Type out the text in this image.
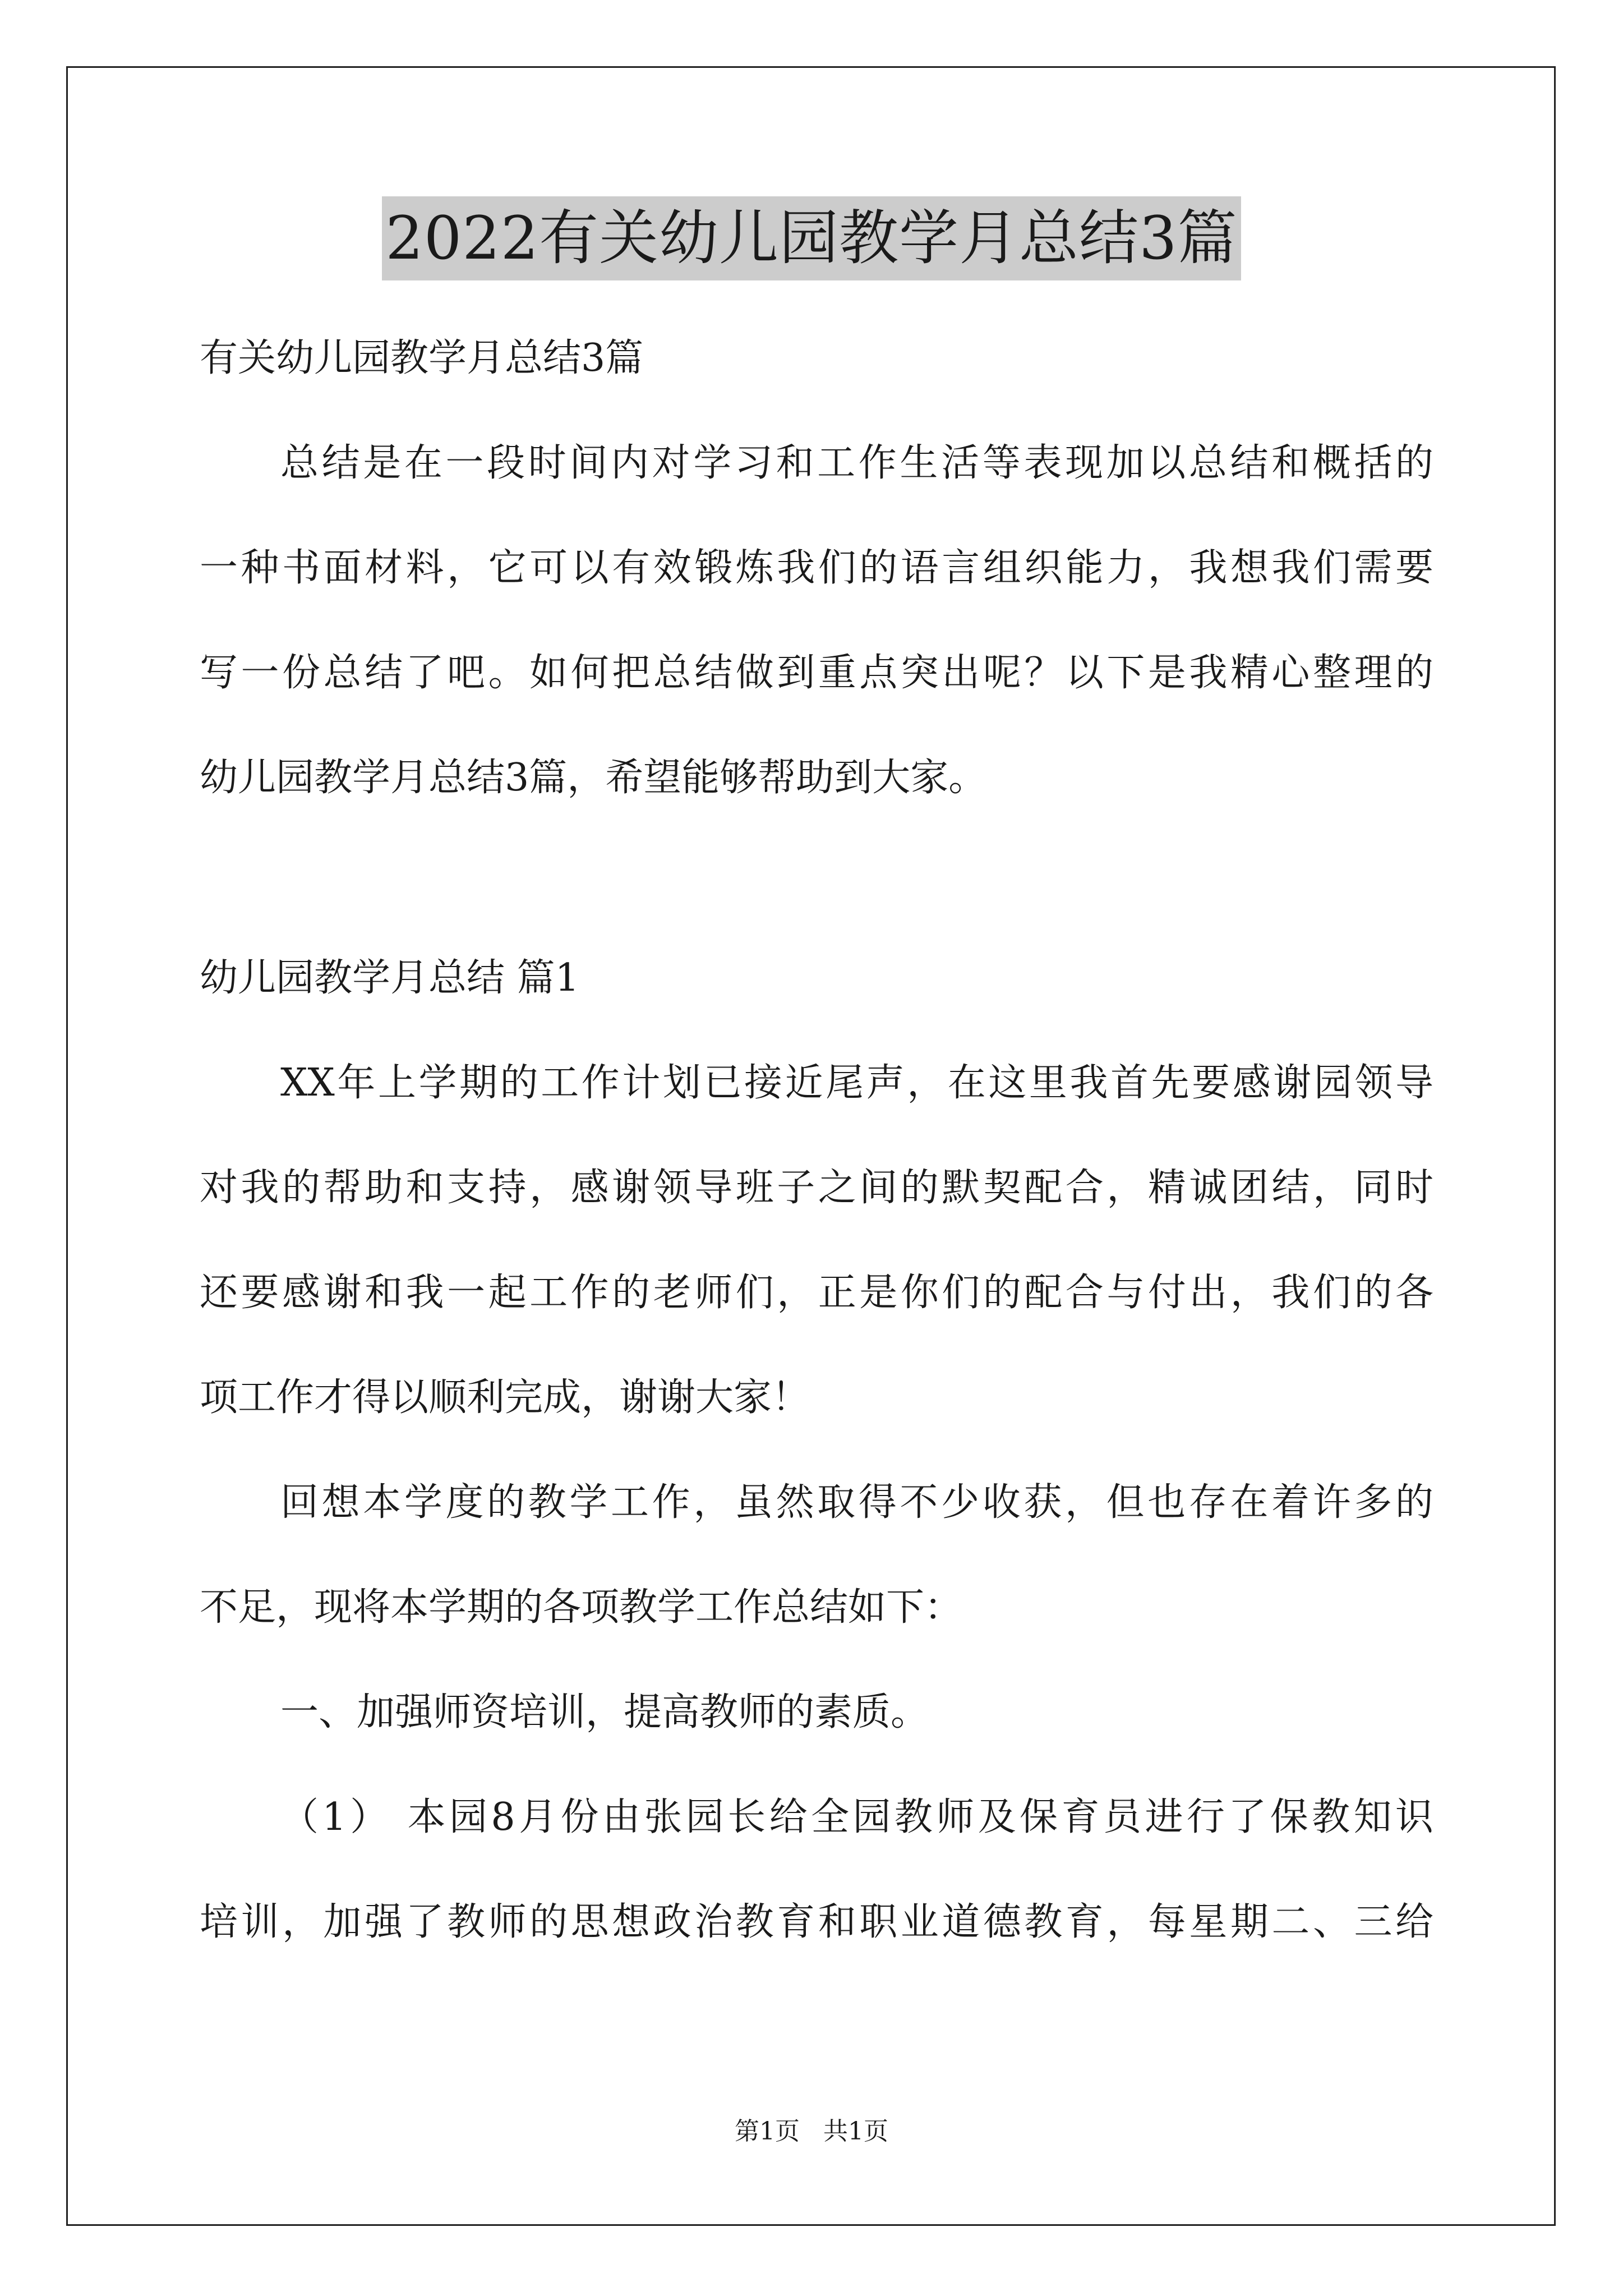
2022有关幼儿园教学月总结3篇
有关幼儿园教学月总结3篇
总结是在一段时间内对学习和工作生活等表现加以总结和概括的
一种书面材料，它可以有效锻炼我们的语言组织能力，我想我们需要
写一份总结了吧。如何把总结做到重点突出呢？以下是我精心整理的
幼儿园教学月总结3篇，希望能够帮助到大家。
幼儿园教学月总结 篇1
XX年上学期的工作计划已接近尾声，在这里我首先要感谢园领导
对我的帮助和支持，感谢领导班子之间的默契配合，精诚团结，同时
还要感谢和我一起工作的老师们，正是你们的配合与付出，我们的各
项工作才得以顺利完成，谢谢大家！
回想本学度的教学工作，虽然取得不少收获，但也存在着许多的
不足，现将本学期的各项教学工作总结如下：
一、加强师资培训，提高教师的素质。
（1） 本园8月份由张园长给全园教师及保育员进行了保教知识
培训，加强了教师的思想政治教育和职业道德教育，每星期二、三给
第1页   共1页
